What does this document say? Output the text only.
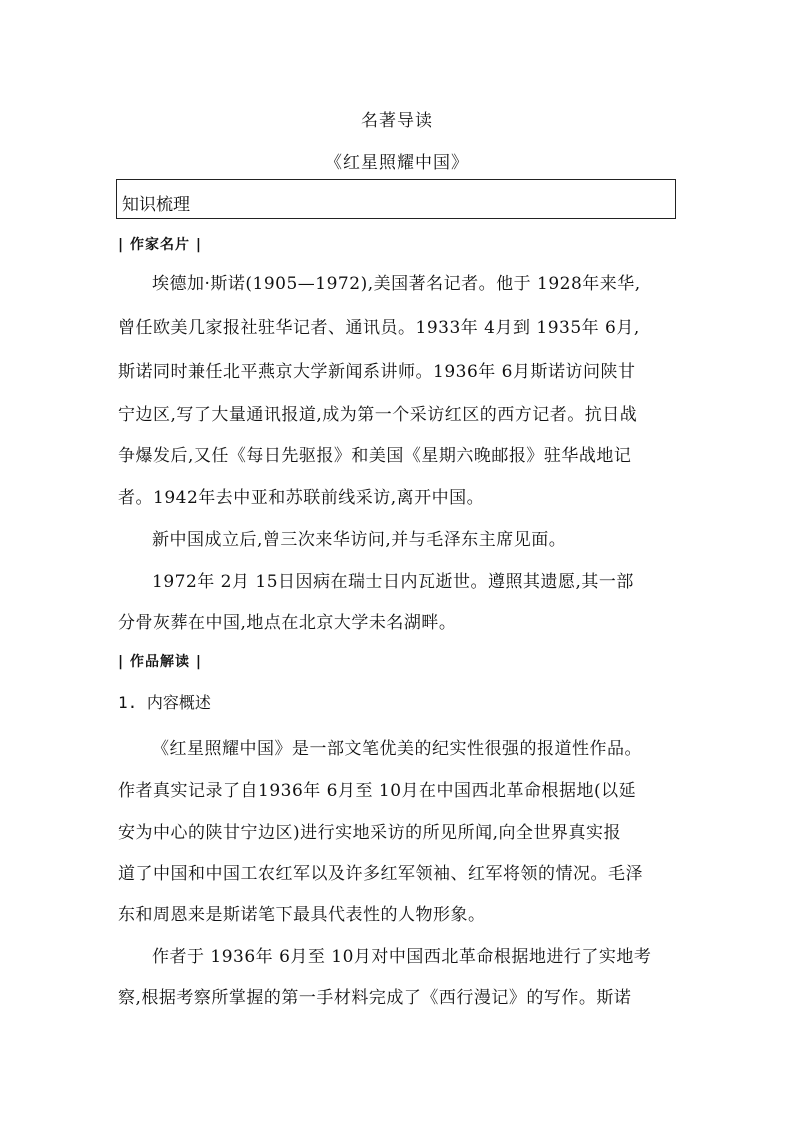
名著导读
《红星照耀中国》
知识梳理
| 作家名片 |
埃德加·斯诺(1905—1972),美国著名记者。他于 1928年来华,
曾任欧美几家报社驻华记者、通讯员。1933年 4月到 1935年 6月,
斯诺同时兼任北平燕京大学新闻系讲师。1936年 6月斯诺访问陕甘
宁边区,写了大量通讯报道,成为第一个采访红区的西方记者。抗日战
争爆发后,又任《每日先驱报》和美国《星期六晚邮报》驻华战地记
者。1942年去中亚和苏联前线采访,离开中国。
新中国成立后,曾三次来华访问,并与毛泽东主席见面。
1972年 2月 15日因病在瑞士日内瓦逝世。遵照其遗愿,其一部
分骨灰葬在中国,地点在北京大学未名湖畔。
| 作品解读 |
1. 内容概述
《红星照耀中国》是一部文笔优美的纪实性很强的报道性作品。
作者真实记录了自1936年 6月至 10月在中国西北革命根据地(以延
安为中心的陕甘宁边区)进行实地采访的所见所闻,向全世界真实报
道了中国和中国工农红军以及许多红军领袖、红军将领的情况。毛泽
东和周恩来是斯诺笔下最具代表性的人物形象。
作者于 1936年 6月至 10月对中国西北革命根据地进行了实地考
察,根据考察所掌握的第一手材料完成了《西行漫记》的写作。斯诺
